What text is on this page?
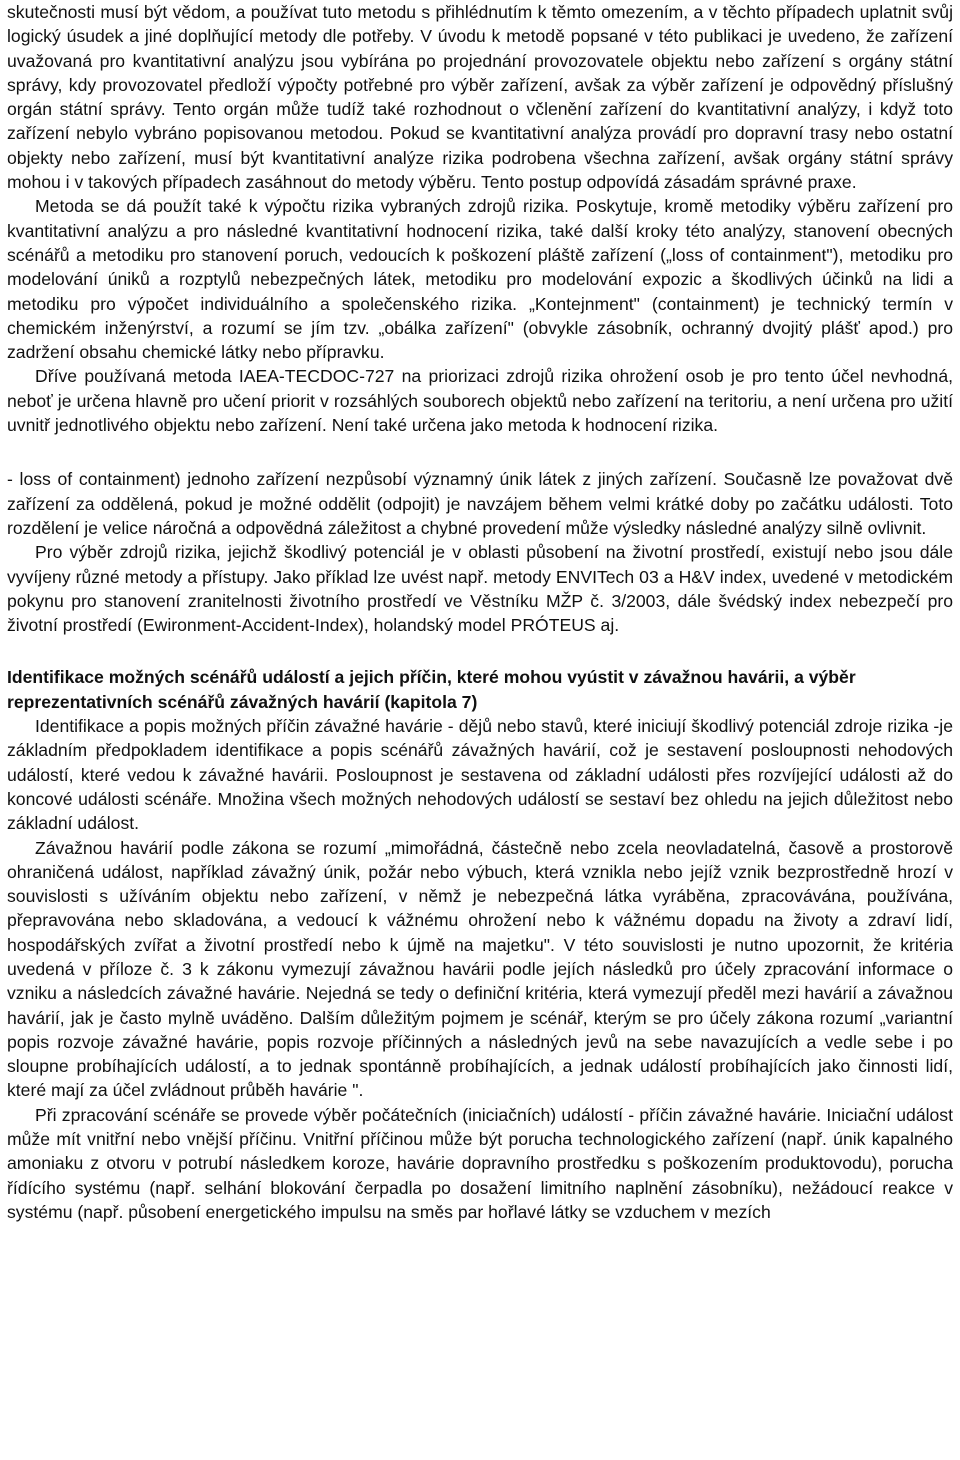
skutečnosti musí být vědom, a používat tuto metodu s přihlédnutím k těmto omezením, a v těchto případech uplatnit svůj logický úsudek a jiné doplňující metody dle potřeby. V úvodu k metodě popsané v této publikaci je uvedeno, že zařízení uvažovaná pro kvantitativní analýzu jsou vybírána po projednání provozovatele objektu nebo zařízení s orgány státní správy, kdy provozovatel předloží výpočty potřebné pro výběr zařízení, avšak za výběr zařízení je odpovědný příslušný orgán státní správy. Tento orgán může tudíž také rozhodnout o včlenění zařízení do kvantitativní analýzy, i když toto zařízení nebylo vybráno popisovanou metodou. Pokud se kvantitativní analýza provádí pro dopravní trasy nebo ostatní objekty nebo zařízení, musí být kvantitativní analýze rizika podrobena všechna zařízení, avšak orgány státní správy mohou i v takových případech zasáhnout do metody výběru. Tento postup odpovídá zásadám správné praxe.

Metoda se dá použít také k výpočtu rizika vybraných zdrojů rizika. Poskytuje, kromě metodiky výběru zařízení pro kvantitativní analýzu a pro následné kvantitativní hodnocení rizika, také další kroky této analýzy, stanovení obecných scénářů a metodiku pro stanovení poruch, vedoucích k poškození pláště zařízení („loss of containment"), metodiku pro modelování úniků a rozptylů nebezpečných látek, metodiku pro modelování expozic a škodlivých účinků na lidi a metodiku pro výpočet individuálního a společenského rizika. „Kontejnment" (containment) je technický termín v chemickém inženýrství, a rozumí se jím tzv. „obálka zařízení" (obvykle zásobník, ochranný dvojitý plášť apod.) pro zadržení obsahu chemické látky nebo přípravku.

Dříve používaná metoda IAEA-TECDOC-727 na priorizaci zdrojů rizika ohrožení osob je pro tento účel nevhodná, neboť je určena hlavně pro učení priorit v rozsáhlých souborech objektů nebo zařízení na teritoriu, a není určena pro užití uvnitř jednotlivého objektu nebo zařízení. Není také určena jako metoda k hodnocení rizika.

- loss of containment) jednoho zařízení nezpůsobí významný únik látek z jiných zařízení. Současně lze považovat dvě zařízení za oddělená, pokud je možné oddělit (odpojit) je navzájem během velmi krátké doby po začátku události. Toto rozdělení je velice náročná a odpovědná záležitost a chybné provedení může výsledky následné analýzy silně ovlivnit.

Pro výběr zdrojů rizika, jejichž škodlivý potenciál je v oblasti působení na životní prostředí, existují nebo jsou dále vyvíjeny různé metody a přístupy. Jako příklad lze uvést např. metody ENVITech 03 a H&V index, uvedené v metodickém pokynu pro stanovení zranitelnosti životního prostředí ve Věstníku MŽP č. 3/2003, dále švédský index nebezpečí pro životní prostředí (Ewironment-Accident-Index), holandský model PRÓTEUS aj.

Identifikace možných scénářů událostí a jejich příčin, které mohou vyústit v závažnou havárii, a výběr reprezentativních scénářů závažných havárií (kapitola 7)

Identifikace a popis možných příčin závažné havárie - dějů nebo stavů, které iniciují škodlivý potenciál zdroje rizika -je základním předpokladem identifikace a popis scénářů závažných havárií, což je sestavení posloupnosti nehodových událostí, které vedou k závažné havárii. Posloupnost je sestavena od základní události přes rozvíjející události až do koncové události scénáře. Množina všech možných nehodových událostí se sestaví bez ohledu na jejich důležitost nebo základní událost.

Závažnou havárií podle zákona se rozumí „mimořádná, částečně nebo zcela neovladatelná, časově a prostorově ohraničená událost, například závažný únik, požár nebo výbuch, která vznikla nebo jejíž vznik bezprostředně hrozí v souvislosti s užíváním objektu nebo zařízení, v němž je nebezpečná látka vyráběna, zpracovávána, používána, přepravována nebo skladována, a vedoucí k vážnému ohrožení nebo k vážnému dopadu na životy a zdraví lidí, hospodářských zvířat a životní prostředí nebo k újmě na majetku". V této souvislosti je nutno upozornit, že kritéria uvedená v příloze č. 3 k zákonu vymezují závažnou havárii podle jejích následků pro účely zpracování informace o vzniku a následcích závažné havárie. Nejedná se tedy o definiční kritéria, která vymezují předěl mezi havárií a závažnou havárií, jak je často mylně uváděno. Dalším důležitým pojmem je scénář, kterým se pro účely zákona rozumí „variantní popis rozvoje závažné havárie, popis rozvoje příčinných a následných jevů na sebe navazujících a vedle sebe i po sloupne probíhajících událostí, a to jednak spontánně probíhajících, a jednak událostí probíhajících jako činnosti lidí, které mají za účel zvládnout průběh havárie ".

Při zpracování scénáře se provede výběr počátečních (iniciačních) událostí - příčin závažné havárie. Iniciační událost může mít vnitřní nebo vnější příčinu. Vnitřní příčinou může být porucha technologického zařízení (např. únik kapalného amoniaku z otvoru v potrubí následkem koroze, havárie dopravního prostředku s poškozením produktovodu), porucha řídícího systému (např. selhání blokování čerpadla po dosažení limitního naplnění zásobníku), nežádoucí reakce v systému (např. působení energetického impulsu na směs par hořlavé látky se vzduchem v mezích
